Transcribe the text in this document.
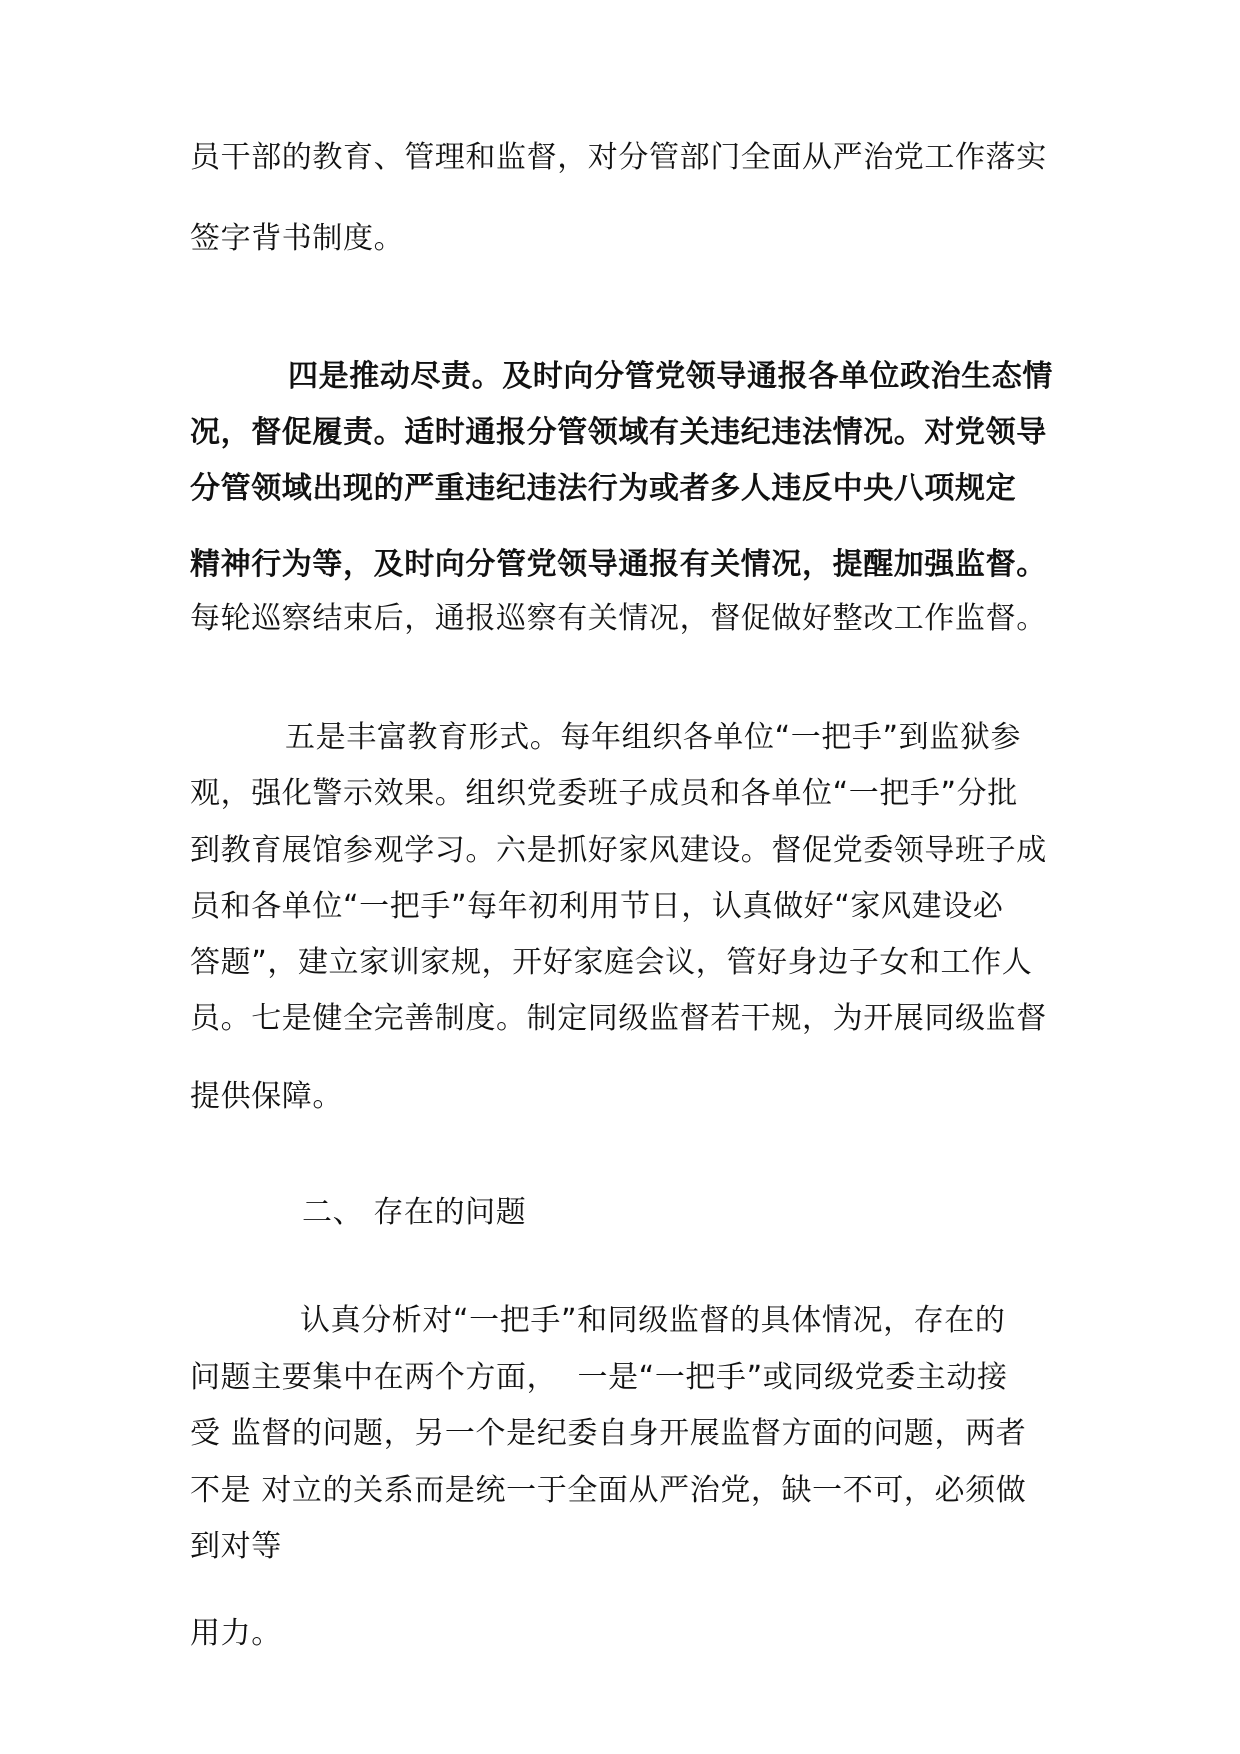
员干部的教育、管理和监督，对分管部门全面从严治党工作落实
签字背书制度。
四是推动尽责。及时向分管党领导通报各单位政治生态情
况，督促履责。适时通报分管领域有关违纪违法情况。对党领导
分管领域出现的严重违纪违法行为或者多人违反中央八项规定
精神行为等，及时向分管党领导通报有关情况，提醒加强监督。
每轮巡察结束后，通报巡察有关情况，督促做好整改工作监督。
五是丰富教育形式。每年组织各单位“一把手”到监狱参
观，强化警示效果。组织党委班子成员和各单位“一把手”分批
到教育展馆参观学习。六是抓好家风建设。督促党委领导班子成
员和各单位“一把手”每年初利用节日，认真做好“家风建设必
答题”，建立家训家规，开好家庭会议，管好身边子女和工作人
员。七是健全完善制度。制定同级监督若干规，为开展同级监督
提供保障。
二、 存在的问题
认真分析对“一把手”和同级监督的具体情况，存在的
问题主要集中在两个方面，  一是“一把手”或同级党委主动接
受 监督的问题，另一个是纪委自身开展监督方面的问题，两者
不是 对立的关系而是统一于全面从严治党，缺一不可，必须做
到对等
用力。
